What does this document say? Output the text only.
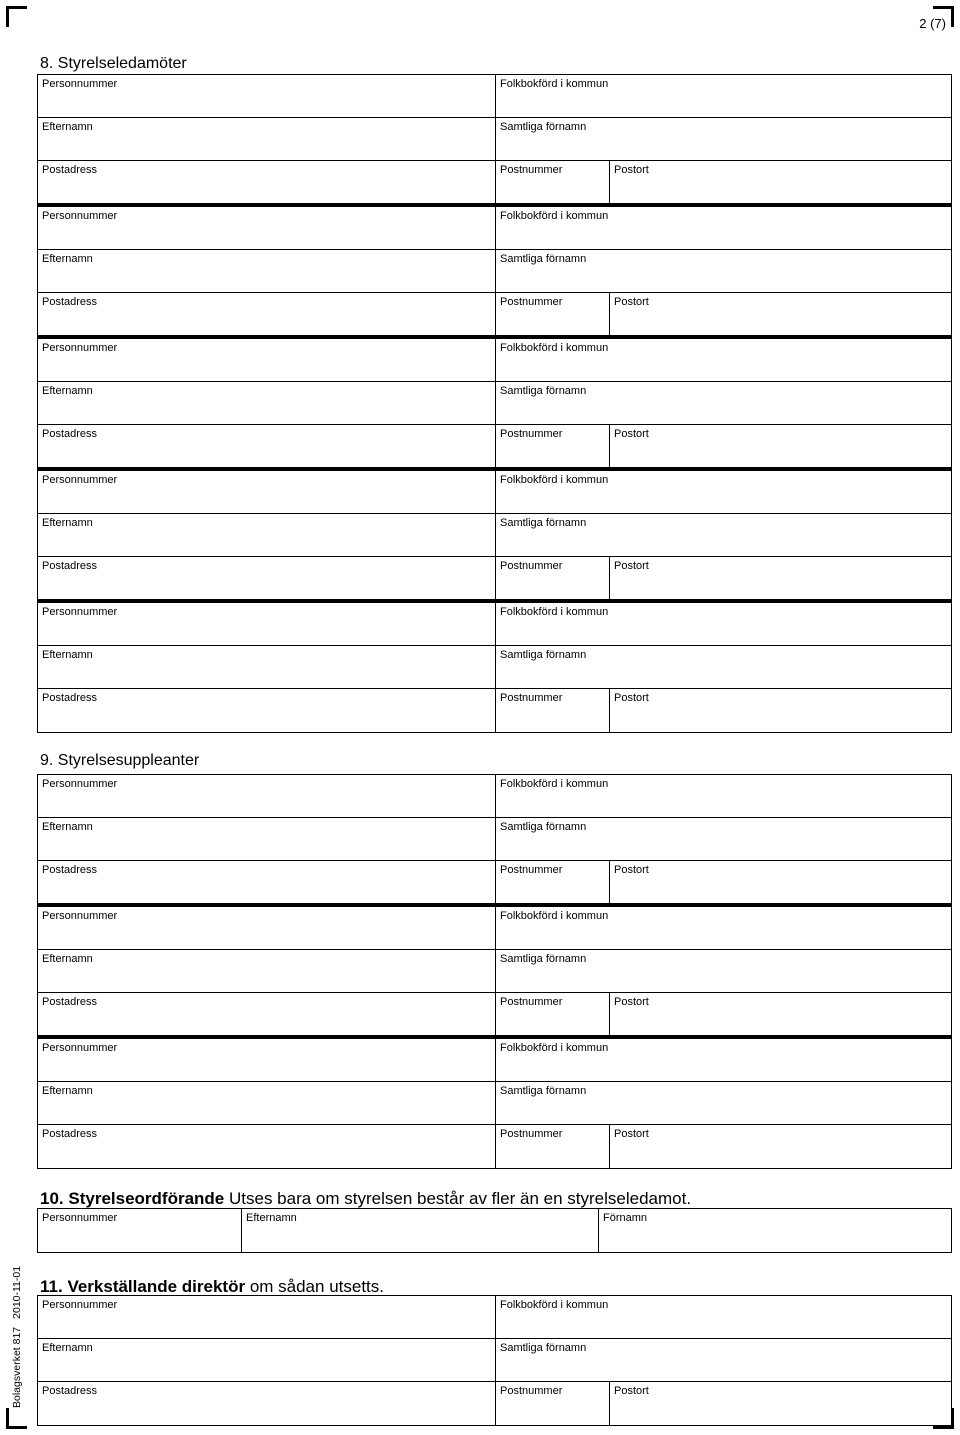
2 (7)
Bolagsverket 8172010-11-01
8. Styrelseledamöter
Personnummer	Folkbokförd i kommun
Efternamn	Samtliga förnamn
Postadress	Postnummer	Postort
Personnummer	Folkbokförd i kommun
Efternamn	Samtliga förnamn
Postadress	Postnummer	Postort
Personnummer	Folkbokförd i kommun
Efternamn	Samtliga förnamn
Postadress	Postnummer	Postort
Personnummer	Folkbokförd i kommun
Efternamn	Samtliga förnamn
Postadress	Postnummer	Postort
Personnummer	Folkbokförd i kommun
Efternamn	Samtliga förnamn
Postadress	Postnummer	Postort
9. Styrelsesuppleanter
Personnummer	Folkbokförd i kommun
Efternamn	Samtliga förnamn
Postadress	Postnummer	Postort
Personnummer	Folkbokförd i kommun
Efternamn	Samtliga förnamn
Postadress	Postnummer	Postort
Personnummer	Folkbokförd i kommun
Efternamn	Samtliga förnamn
Postadress	Postnummer	Postort
10. Styrelseordförande Utses bara om styrelsen består av fler än en styrelseledamot.
Personnummer	Efternamn	Förnamn
11. Verkställande direktör om sådan utsetts.
Personnummer	Folkbokförd i kommun
Efternamn	Samtliga förnamn
Postadress	Postnummer	Postort
